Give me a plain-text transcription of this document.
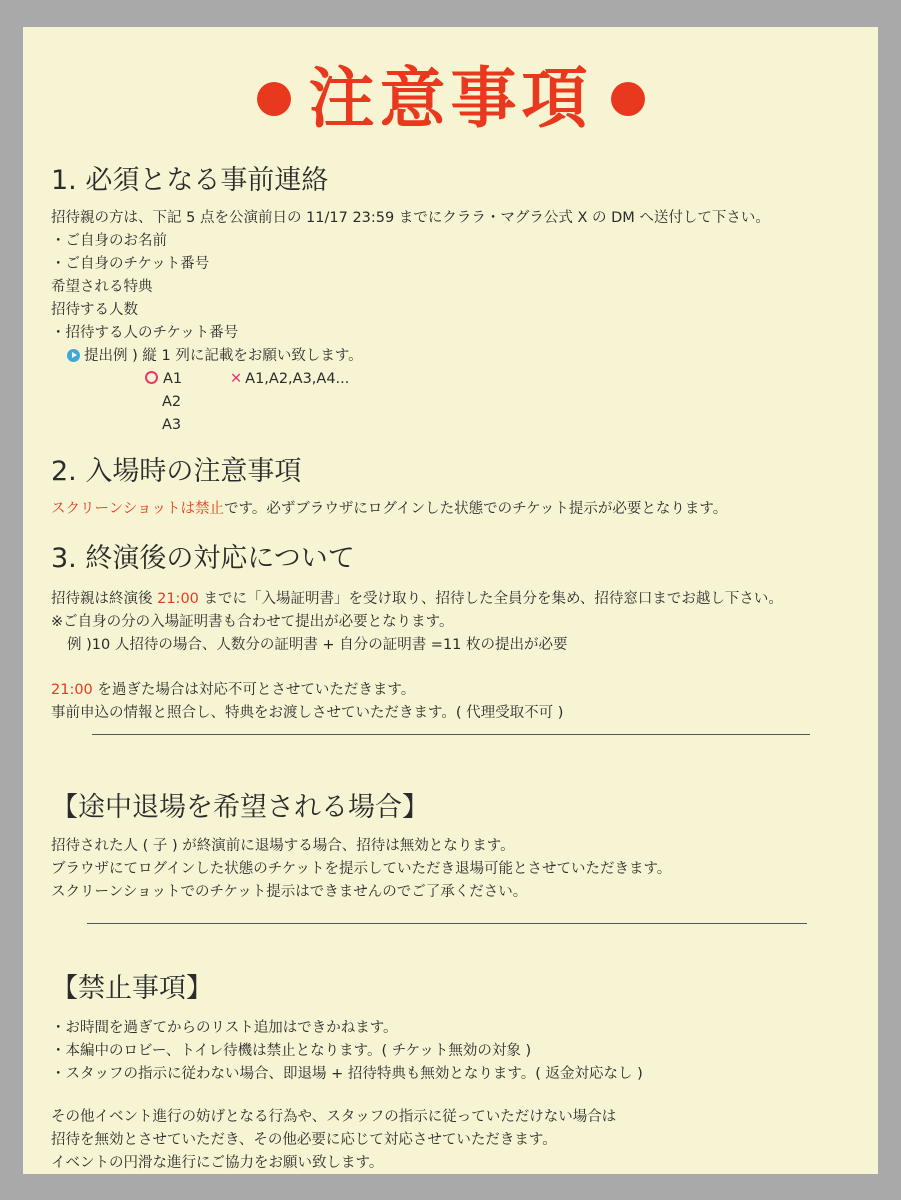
注意事項
1. 必須となる事前連絡
招待親の方は、下記 5 点を公演前日の 11/17 23:59 までにクララ・マグラ公式 X の DM へ送付して下さい。
・ご自身のお名前
・ご自身のチケット番号
希望される特典
招待する人数
・招待する人のチケット番号
提出例 ) 縦 1 列に記載をお願い致します。
A1
A2
A3
✕ A1,A2,A3,A4...
2. 入場時の注意事項
スクリーンショットは禁止です。必ずブラウザにログインした状態でのチケット提示が必要となります。
3. 終演後の対応について
招待親は終演後 21:00 までに「入場証明書」を受け取り、招待した全員分を集め、招待窓口までお越し下さい。
※ご自身の分の入場証明書も合わせて提出が必要となります。
例 )10 人招待の場合、人数分の証明書 + 自分の証明書 =11 枚の提出が必要
21:00 を過ぎた場合は対応不可とさせていただきます。
事前申込の情報と照合し、特典をお渡しさせていただきます。( 代理受取不可 )
【途中退場を希望される場合】
招待された人 ( 子 ) が終演前に退場する場合、招待は無効となります。
ブラウザにてログインした状態のチケットを提示していただき退場可能とさせていただきます。
スクリーンショットでのチケット提示はできませんのでご了承ください。
【禁止事項】
・お時間を過ぎてからのリスト追加はできかねます。
・本編中のロビー、トイレ待機は禁止となります。( チケット無効の対象 )
・スタッフの指示に従わない場合、即退場 + 招待特典も無効となります。( 返金対応なし )
その他イベント進行の妨げとなる行為や、スタッフの指示に従っていただけない場合は
招待を無効とさせていただき、その他必要に応じて対応させていただきます。
イベントの円滑な進行にご協力をお願い致します。
